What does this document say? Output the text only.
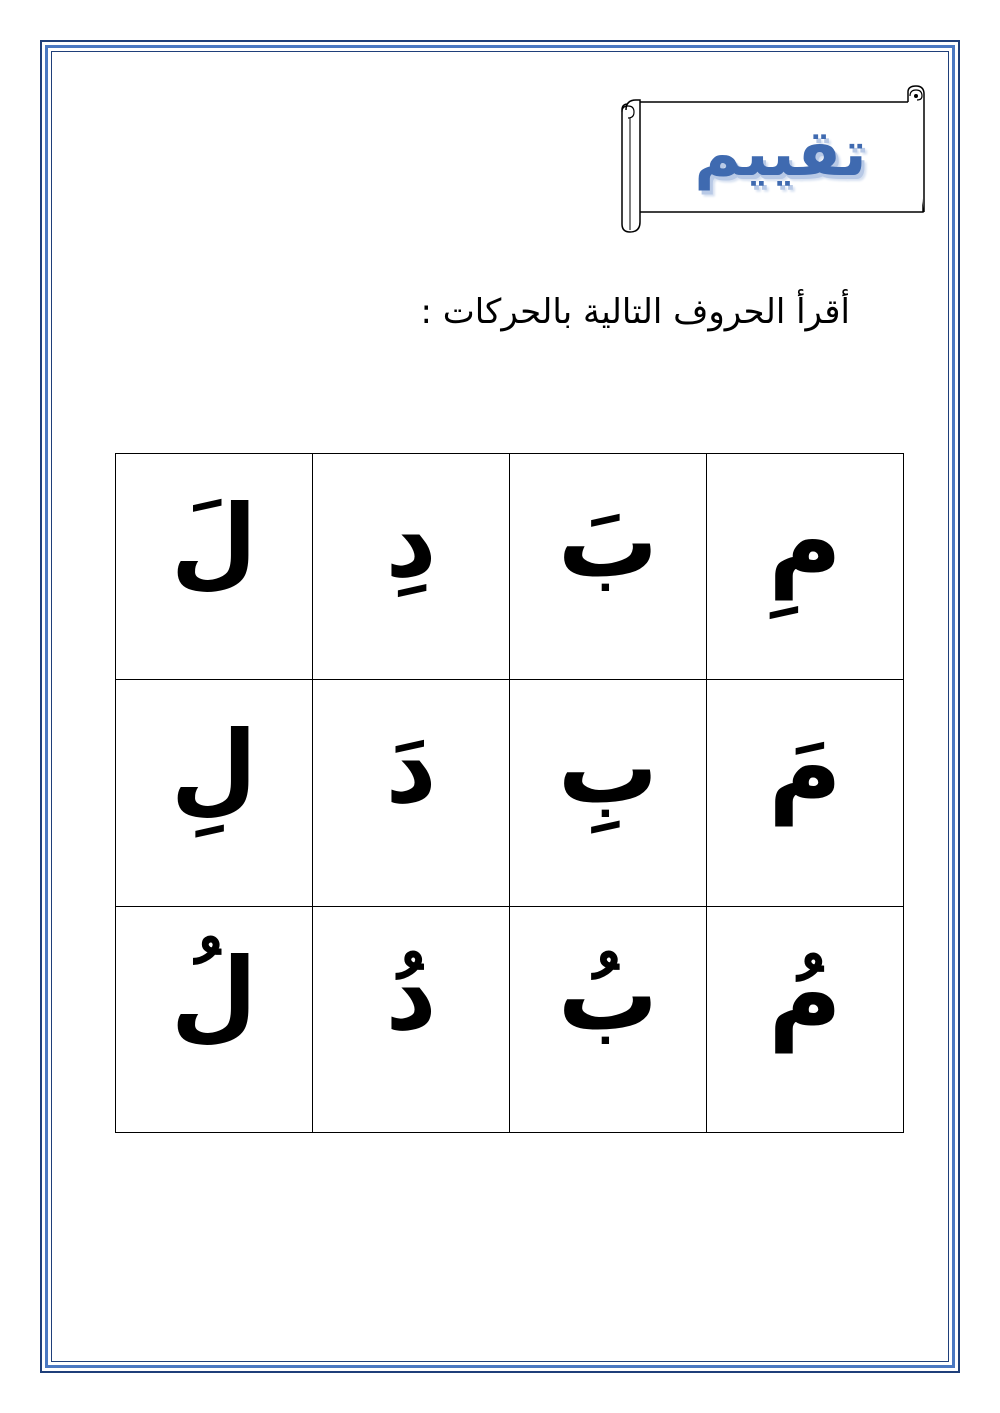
تقييم
أقرأ الحروف التالية بالحركات :
مِ	بَ	دِ	لَ

مَ	بِ	دَ	لِ

مُ	بُ	دُ	لُ
